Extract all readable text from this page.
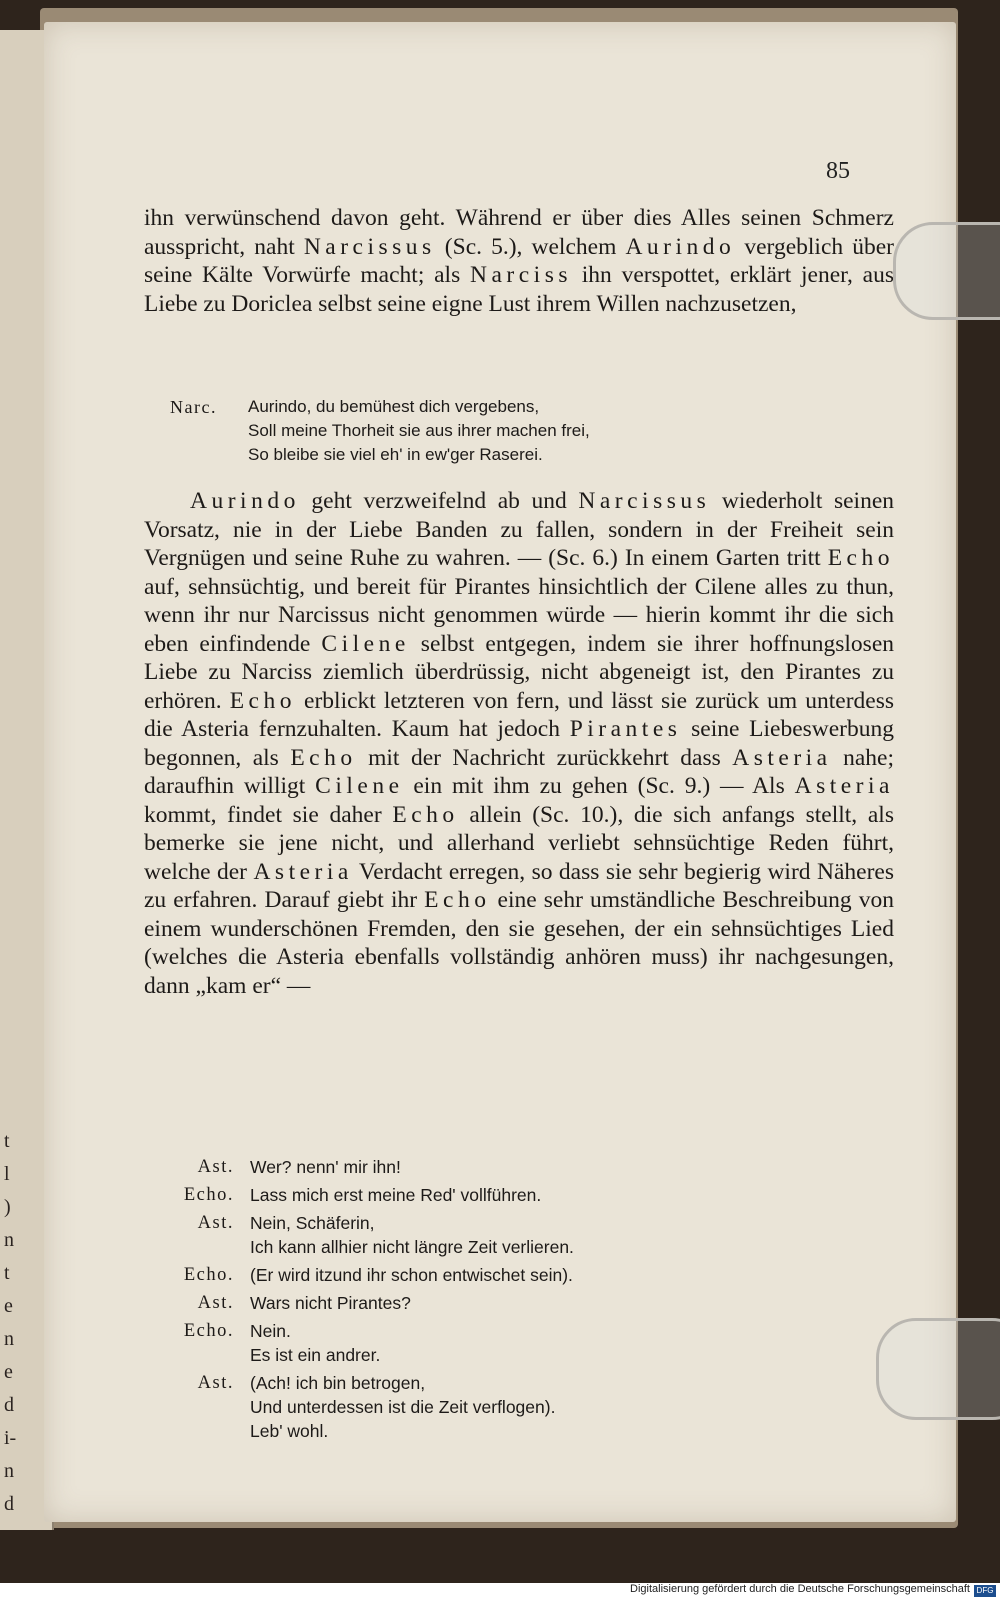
t
l
)
n
t
e
n
e
d
i-
n
d
85

ihn verwünschend davon geht. Während er über dies Alles seinen Schmerz ausspricht, naht Narcissus (Sc. 5.), welchem Aurindo vergeblich über seine Kälte Vorwürfe macht; als Narciss ihn verspottet, erklärt jener, aus Liebe zu Doriclea selbst seine eigne Lust ihrem Willen nachzusetzen,

Narc.	Aurindo, du bemühest dich vergebens,
Soll meine Thorheit sie aus ihrer machen frei,
So bleibe sie viel eh' in ew'ger Raserei.

Aurindo geht verzweifelnd ab und Narcissus wiederholt seinen Vorsatz, nie in der Liebe Banden zu fallen, sondern in der Freiheit sein Vergnügen und seine Ruhe zu wahren. — (Sc. 6.) In einem Garten tritt Echo auf, sehnsüchtig, und bereit für Pirantes hinsichtlich der Cilene alles zu thun, wenn ihr nur Narcissus nicht genommen würde — hierin kommt ihr die sich eben einfindende Cilene selbst entgegen, indem sie ihrer hoffnungslosen Liebe zu Narciss ziemlich überdrüssig, nicht abgeneigt ist, den Pirantes zu erhören. Echo erblickt letzteren von fern, und lässt sie zurück um unterdess die Asteria fernzuhalten. Kaum hat jedoch Pirantes seine Liebeswerbung begonnen, als Echo mit der Nachricht zurückkehrt dass Asteria nahe; daraufhin willigt Cilene ein mit ihm zu gehen (Sc. 9.) — Als Asteria kommt, findet sie daher Echo allein (Sc. 10.), die sich anfangs stellt, als bemerke sie jene nicht, und allerhand verliebt sehnsüchtige Reden führt, welche der Asteria Verdacht erregen, so dass sie sehr begierig wird Näheres zu erfahren. Darauf giebt ihr Echo eine sehr umständliche Beschreibung von einem wunderschönen Fremden, den sie gesehen, der ein sehnsüchtiges Lied (welches die Asteria ebenfalls vollständig anhören muss) ihr nachgesungen, dann „kam er“ —

Ast. Wer? nenn' mir ihn!
Echo. Lass mich erst meine Red' vollführen.
Ast. Nein, Schäferin,
Ich kann allhier nicht längre Zeit verlieren.
Echo. (Er wird itzund ihr schon entwischet sein).
Ast. Wars nicht Pirantes?
Echo. Nein.
Es ist ein andrer.
Ast. (Ach! ich bin betrogen,
Und unterdessen ist die Zeit verflogen).
Leb' wohl.
Digitalisierung gefördert durch die Deutsche Forschungsgemeinschaft DFG
